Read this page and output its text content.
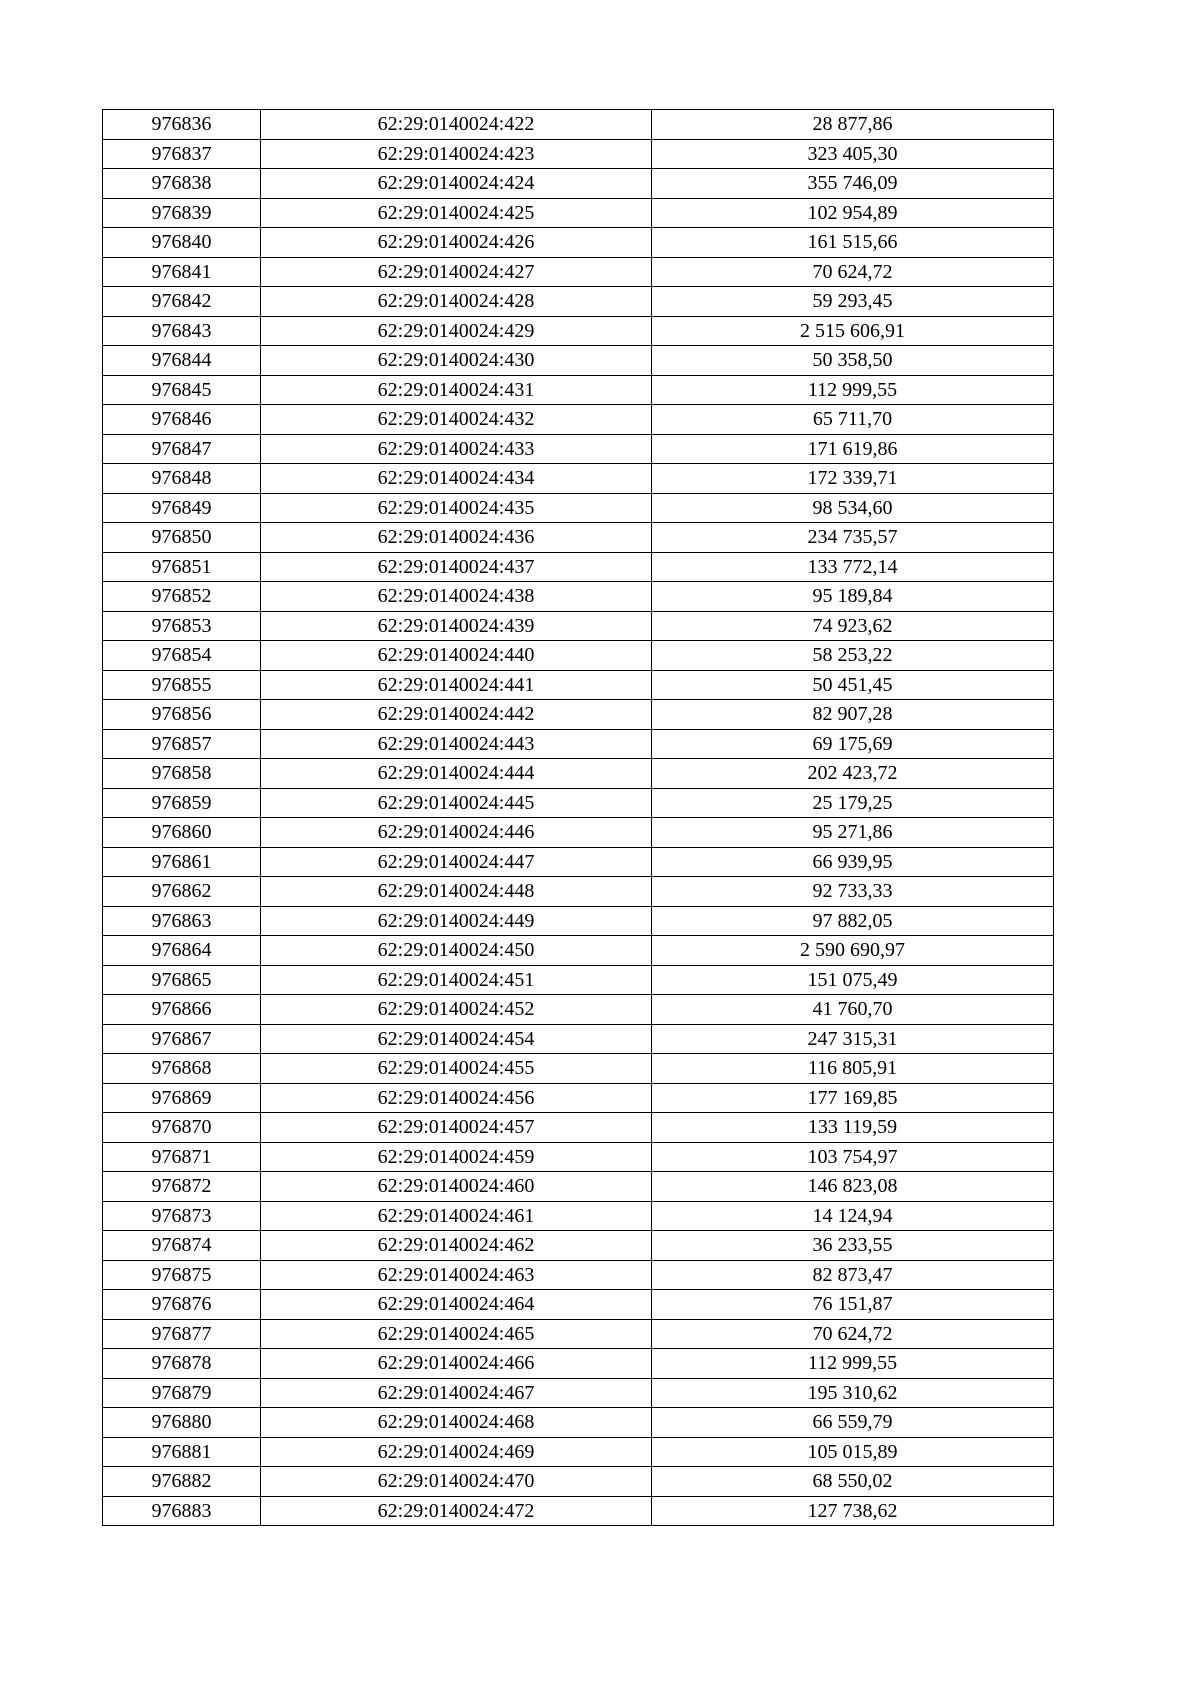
976836	62:29:0140024:422	28 877,86
976837	62:29:0140024:423	323 405,30
976838	62:29:0140024:424	355 746,09
976839	62:29:0140024:425	102 954,89
976840	62:29:0140024:426	161 515,66
976841	62:29:0140024:427	70 624,72
976842	62:29:0140024:428	59 293,45
976843	62:29:0140024:429	2 515 606,91
976844	62:29:0140024:430	50 358,50
976845	62:29:0140024:431	112 999,55
976846	62:29:0140024:432	65 711,70
976847	62:29:0140024:433	171 619,86
976848	62:29:0140024:434	172 339,71
976849	62:29:0140024:435	98 534,60
976850	62:29:0140024:436	234 735,57
976851	62:29:0140024:437	133 772,14
976852	62:29:0140024:438	95 189,84
976853	62:29:0140024:439	74 923,62
976854	62:29:0140024:440	58 253,22
976855	62:29:0140024:441	50 451,45
976856	62:29:0140024:442	82 907,28
976857	62:29:0140024:443	69 175,69
976858	62:29:0140024:444	202 423,72
976859	62:29:0140024:445	25 179,25
976860	62:29:0140024:446	95 271,86
976861	62:29:0140024:447	66 939,95
976862	62:29:0140024:448	92 733,33
976863	62:29:0140024:449	97 882,05
976864	62:29:0140024:450	2 590 690,97
976865	62:29:0140024:451	151 075,49
976866	62:29:0140024:452	41 760,70
976867	62:29:0140024:454	247 315,31
976868	62:29:0140024:455	116 805,91
976869	62:29:0140024:456	177 169,85
976870	62:29:0140024:457	133 119,59
976871	62:29:0140024:459	103 754,97
976872	62:29:0140024:460	146 823,08
976873	62:29:0140024:461	14 124,94
976874	62:29:0140024:462	36 233,55
976875	62:29:0140024:463	82 873,47
976876	62:29:0140024:464	76 151,87
976877	62:29:0140024:465	70 624,72
976878	62:29:0140024:466	112 999,55
976879	62:29:0140024:467	195 310,62
976880	62:29:0140024:468	66 559,79
976881	62:29:0140024:469	105 015,89
976882	62:29:0140024:470	68 550,02
976883	62:29:0140024:472	127 738,62
